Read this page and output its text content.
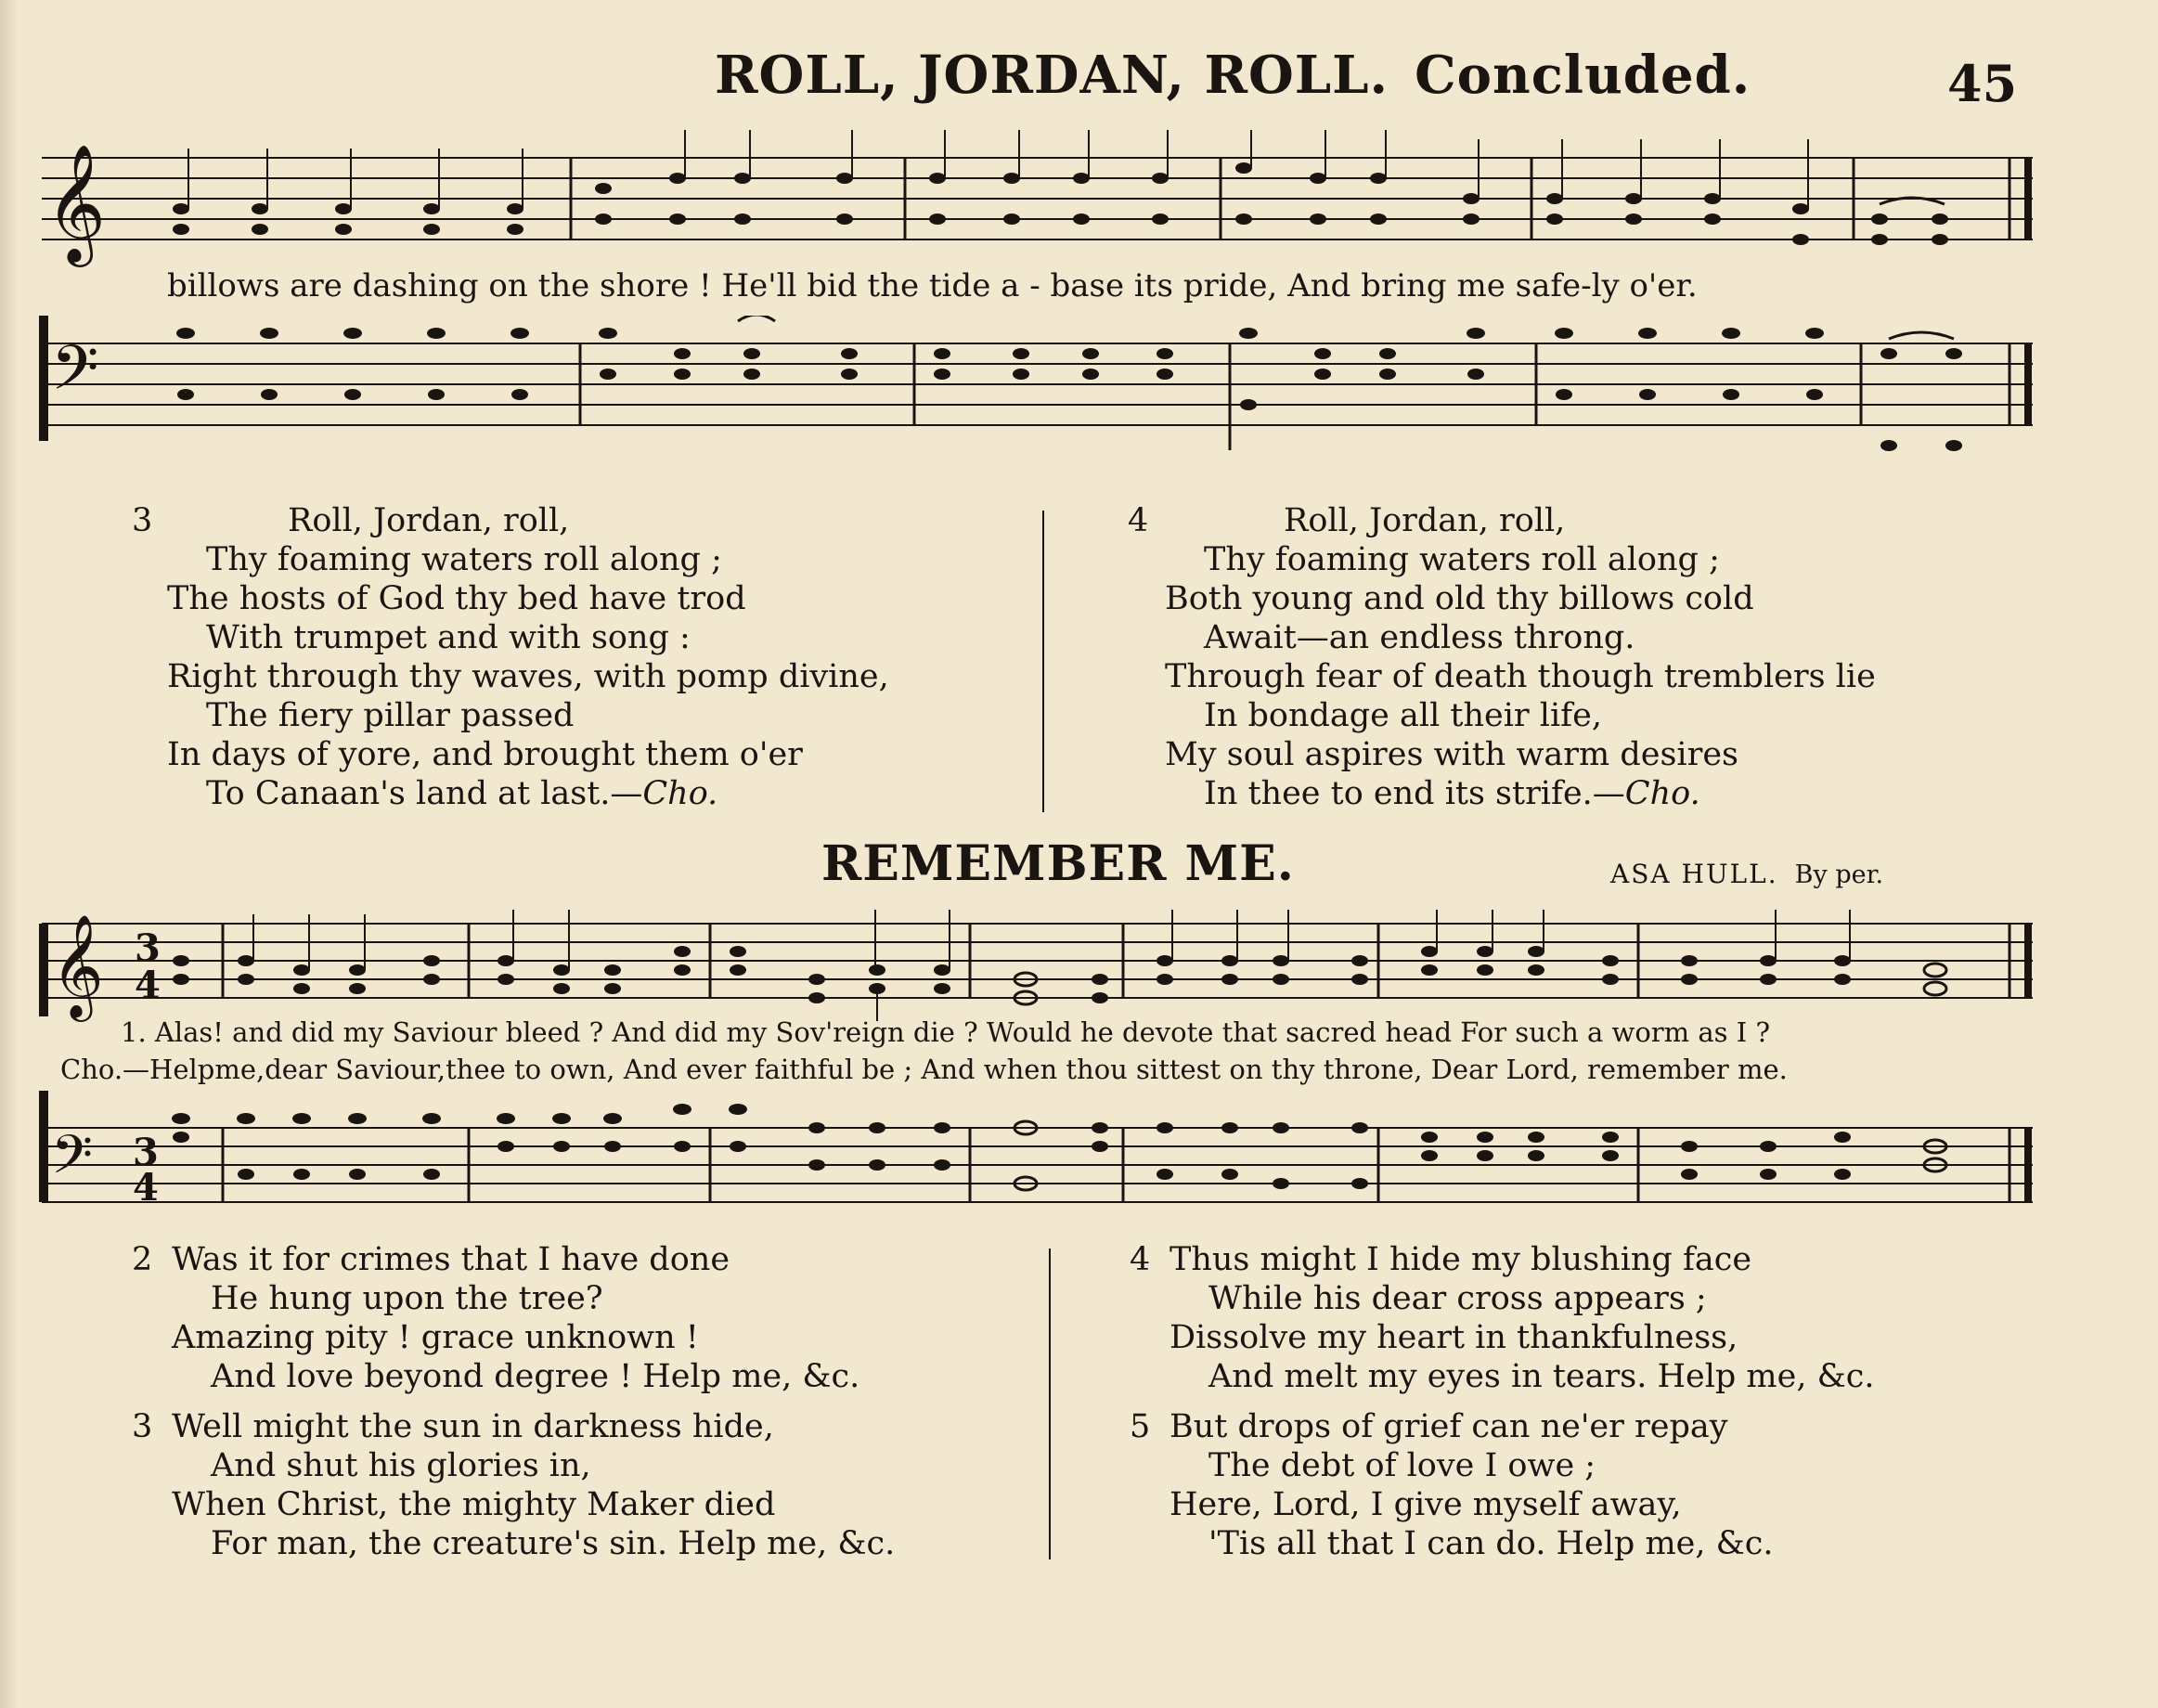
ROLL, JORDAN, ROLL. Concluded.	45
𝄞
billows are dashing on the shore ! He'll bid the tide a - base its pride, And bring me safe-ly o'er.
𝄢
3	Roll, Jordan, roll,
Thy foaming waters roll along ;
The hosts of God thy bed have trod
With trumpet and with song :
Right through thy waves, with pomp divine,
The fiery pillar passed
In days of yore, and brought them o'er
To Canaan's land at last.—Cho.
4	Roll, Jordan, roll,
Thy foaming waters roll along ;
Both young and old thy billows cold
Await—an endless throng.
Through fear of death though tremblers lie
In bondage all their life,
My soul aspires with warm desires
In thee to end its strife.—Cho.
REMEMBER ME.	ASA HULL. By per.
𝄞 3
4
1. Alas! and did my Saviour bleed ? And did my Sov'reign die ? Would he devote that sacred head For such a worm as I ?
Cho.—Helpme,dear Saviour,thee to own, And ever faithful be ; And when thou sittest on thy throne, Dear Lord, remember me.
𝄢 3
4
2 Was it for crimes that I have done
He hung upon the tree?
Amazing pity ! grace unknown !
And love beyond degree ! Help me, &c.
3 Well might the sun in darkness hide,
And shut his glories in,
When Christ, the mighty Maker died
For man, the creature's sin. Help me, &c.
4 Thus might I hide my blushing face
While his dear cross appears ;
Dissolve my heart in thankfulness,
And melt my eyes in tears. Help me, &c.
5 But drops of grief can ne'er repay
The debt of love I owe ;
Here, Lord, I give myself away,
'Tis all that I can do. Help me, &c.
